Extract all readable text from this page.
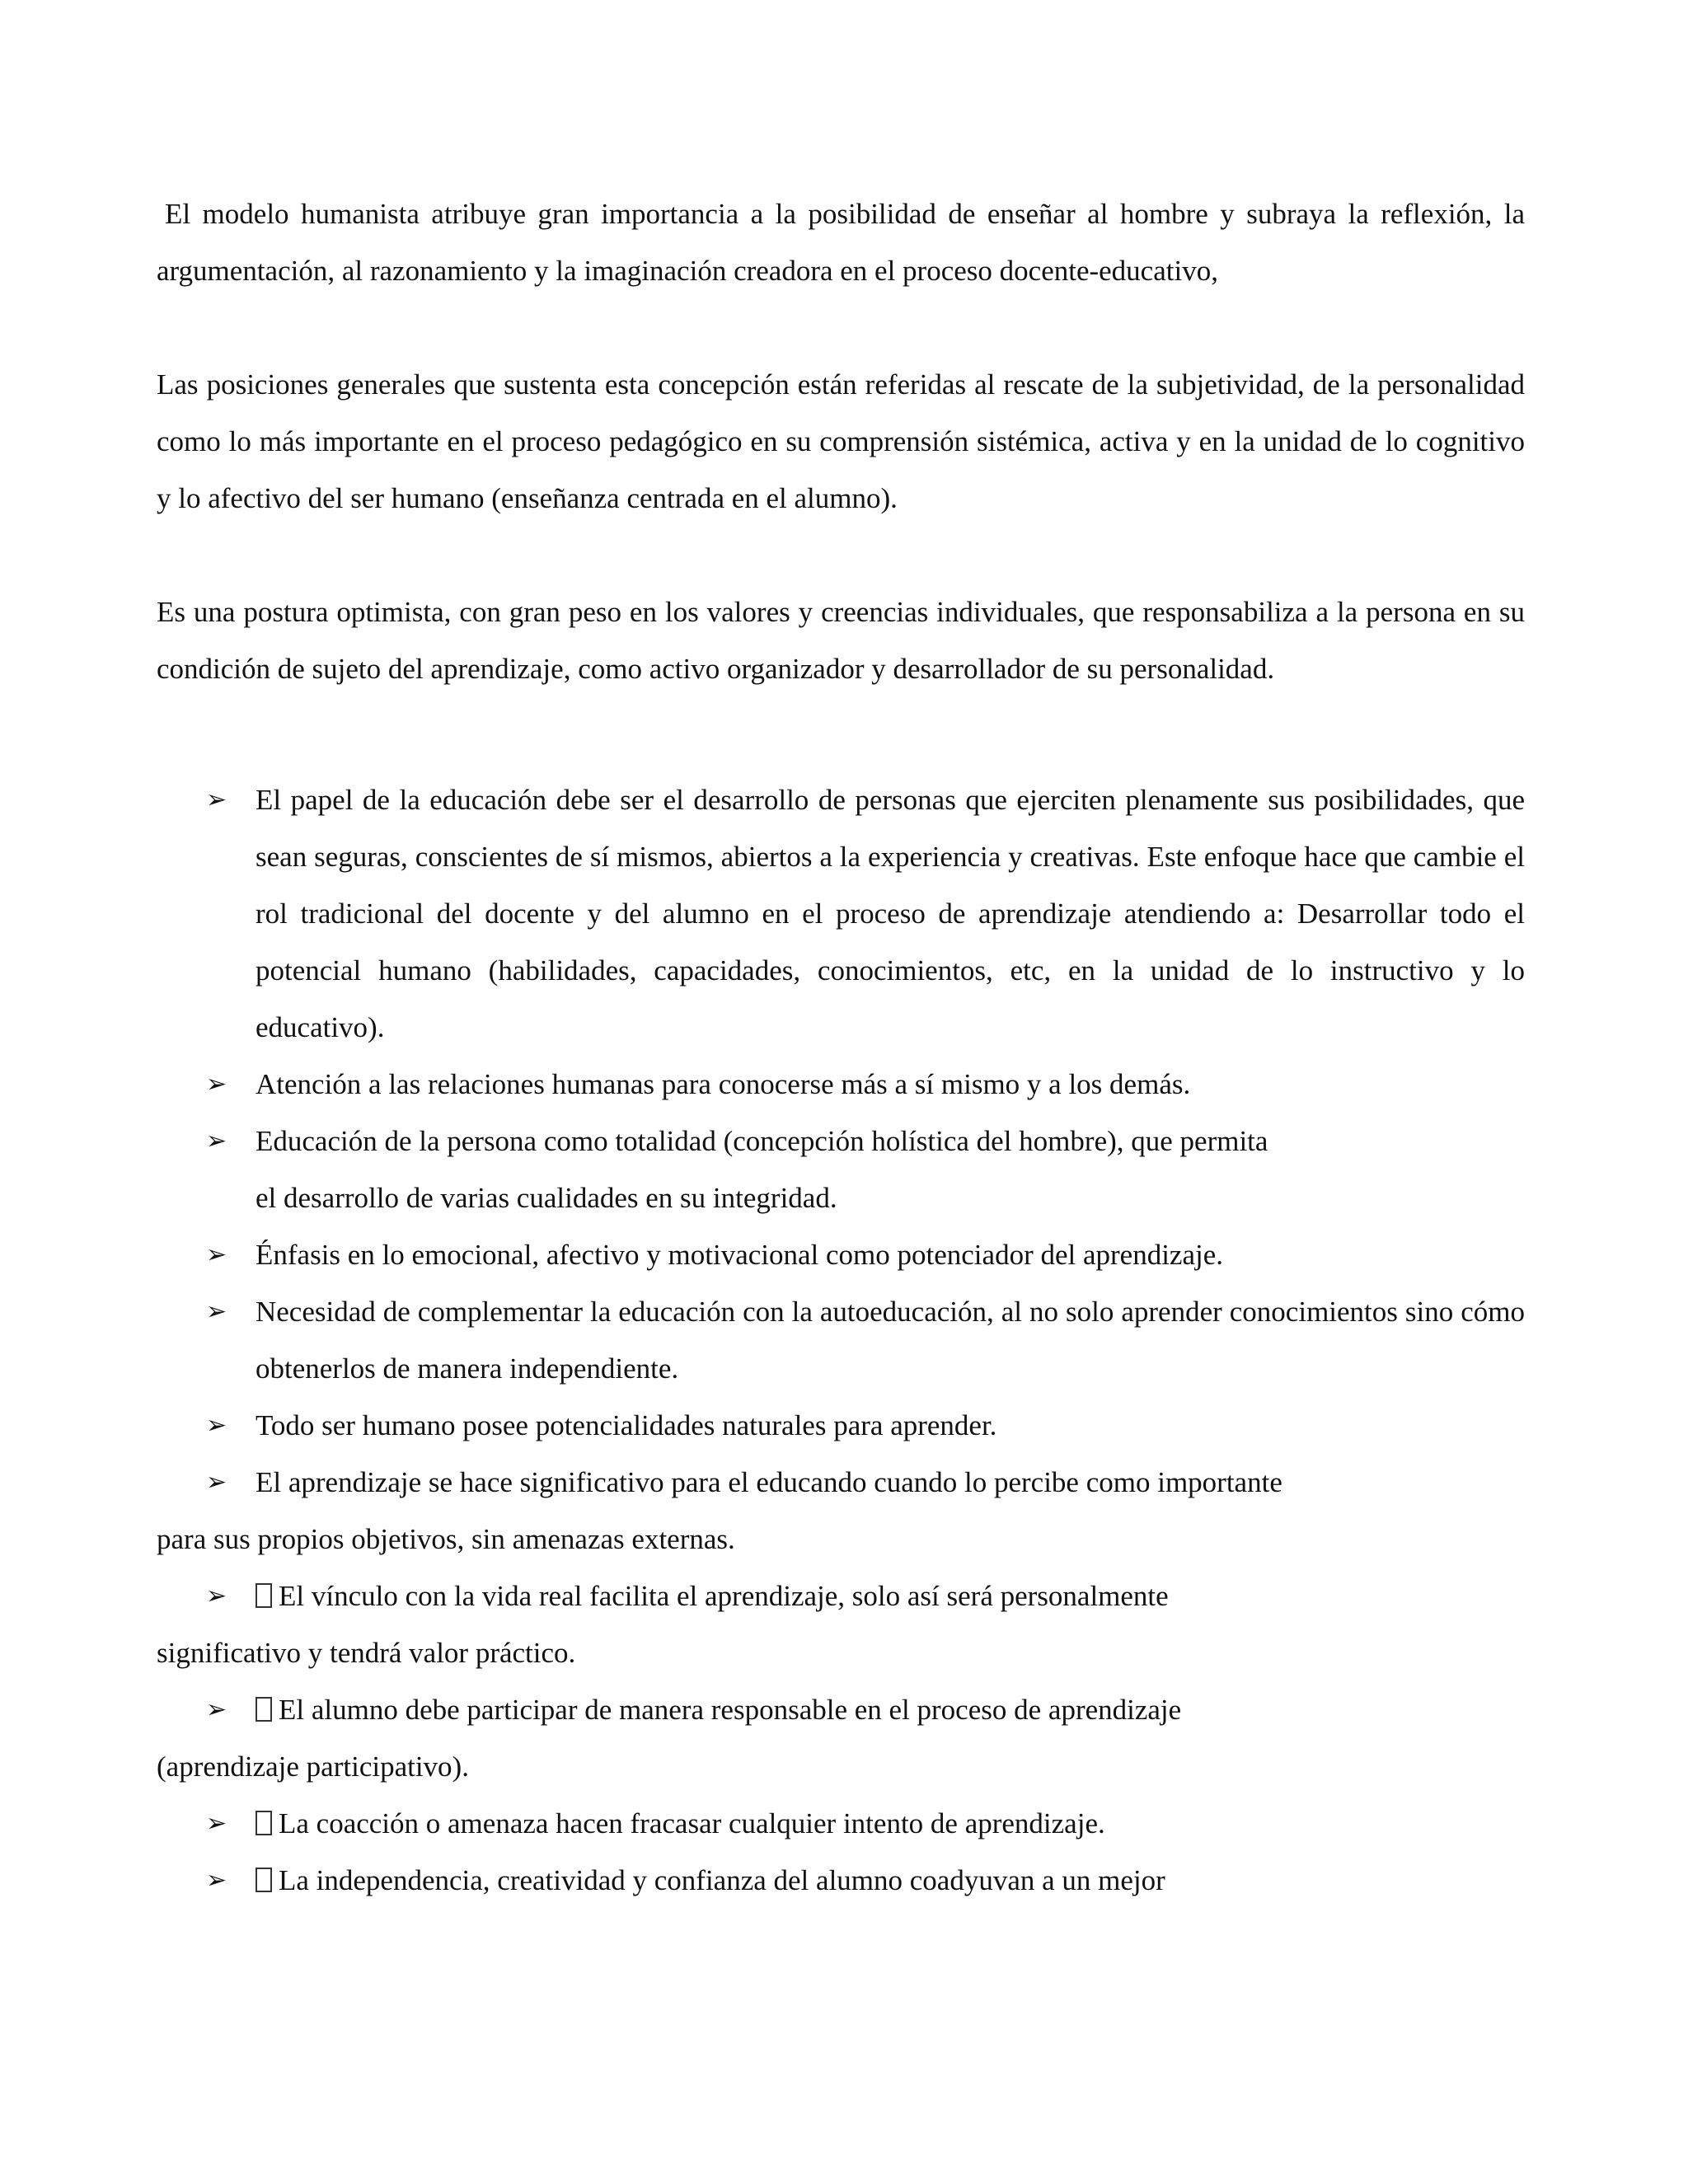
El modelo humanista atribuye gran importancia a la posibilidad de enseñar al hombre y subraya la reflexión, la argumentación, al razonamiento y la imaginación creadora en el proceso docente-educativo,

Las posiciones generales que sustenta esta concepción están referidas al rescate de la subjetividad, de la personalidad como lo más importante en el proceso pedagógico en su comprensión sistémica, activa y en la unidad de lo cognitivo y lo afectivo del ser humano (enseñanza centrada en el alumno).

Es una postura optimista, con gran peso en los valores y creencias individuales, que responsabiliza a la persona en su condición de sujeto del aprendizaje, como activo organizador y desarrollador de su personalidad.

➢ El papel de la educación debe ser el desarrollo de personas que ejerciten plenamente sus posibilidades, que sean seguras, conscientes de sí mismos, abiertos a la experiencia y creativas. Este enfoque hace que cambie el rol tradicional del docente y del alumno en el proceso de aprendizaje atendiendo a: Desarrollar todo el potencial humano (habilidades, capacidades, conocimientos, etc, en la unidad de lo instructivo y lo educativo).
➢ Atención a las relaciones humanas para conocerse más a sí mismo y a los demás.
➢ Educación de la persona como totalidad (concepción holística del hombre), que permita el desarrollo de varias cualidades en su integridad.
➢ Énfasis en lo emocional, afectivo y motivacional como potenciador del aprendizaje.
➢ Necesidad de complementar la educación con la autoeducación, al no solo aprender conocimientos sino cómo obtenerlos de manera independiente.
➢ Todo ser humano posee potencialidades naturales para aprender.
➢ El aprendizaje se hace significativo para el educando cuando lo percibe como importante para sus propios objetivos, sin amenazas externas.
➢ El vínculo con la vida real facilita el aprendizaje, solo así será personalmente significativo y tendrá valor práctico.
➢ El alumno debe participar de manera responsable en el proceso de aprendizaje (aprendizaje participativo).
➢ La coacción o amenaza hacen fracasar cualquier intento de aprendizaje.
➢ La independencia, creatividad y confianza del alumno coadyuvan a un mejor
